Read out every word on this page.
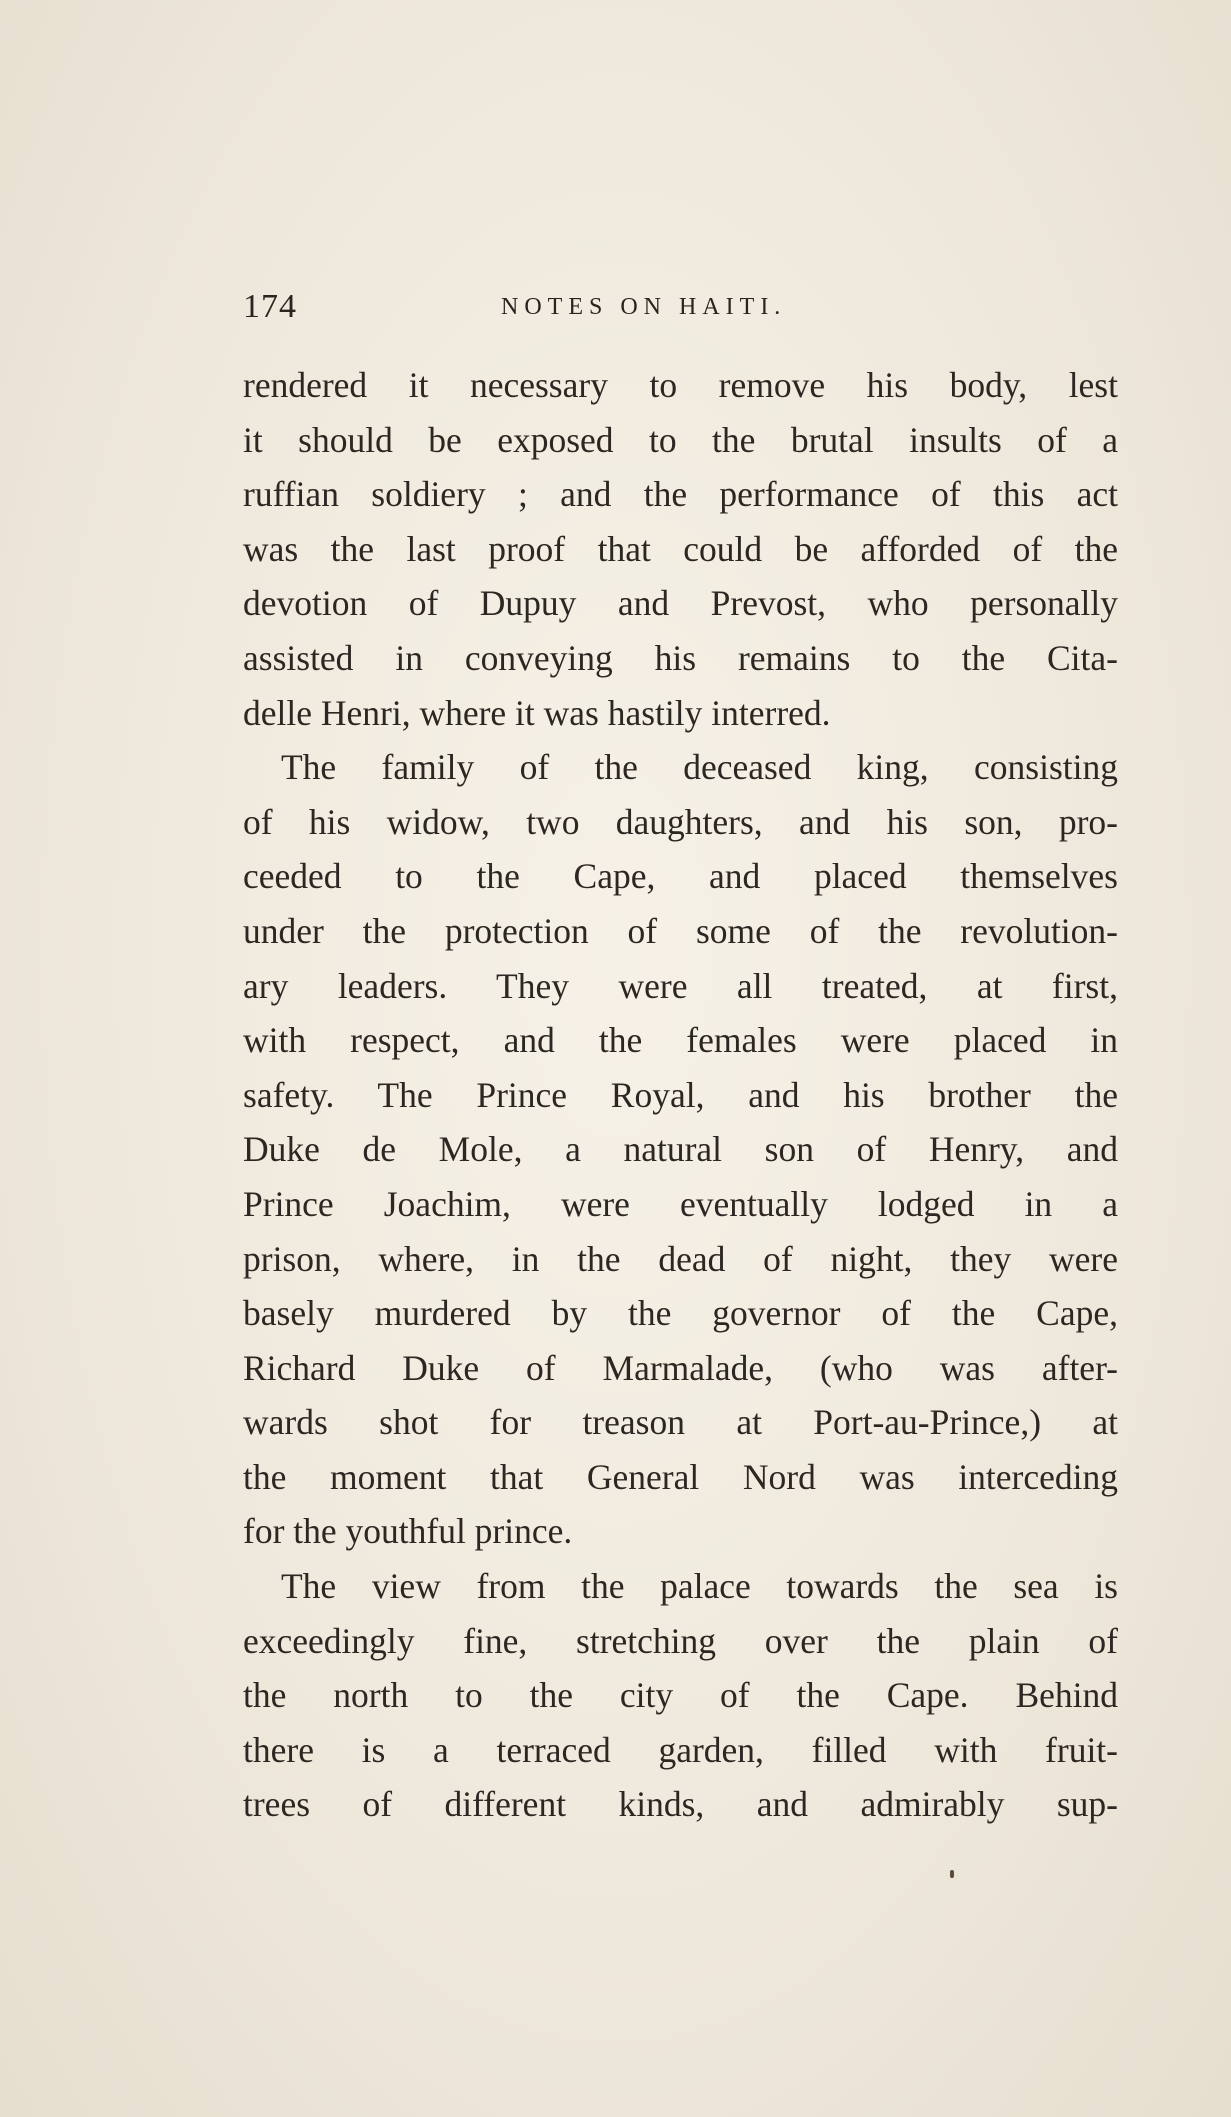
174	NOTES ON HAITI.
rendered it necessary to remove his body, lest
it should be exposed to the brutal insults of a
ruffian soldiery ; and the performance of this act
was the last proof that could be afforded of the
devotion of Dupuy and Prevost, who personally
assisted in conveying his remains to the Cita-
delle Henri, where it was hastily interred.
The family of the deceased king, consisting
of his widow, two daughters, and his son, pro-
ceeded to the Cape, and placed themselves
under the protection of some of the revolution-
ary leaders. They were all treated, at first,
with respect, and the females were placed in
safety. The Prince Royal, and his brother the
Duke de Mole, a natural son of Henry, and
Prince Joachim, were eventually lodged in a
prison, where, in the dead of night, they were
basely murdered by the governor of the Cape,
Richard Duke of Marmalade, (who was after-
wards shot for treason at Port-au-Prince,) at
the moment that General Nord was interceding
for the youthful prince.
The view from the palace towards the sea is
exceedingly fine, stretching over the plain of
the north to the city of the Cape. Behind
there is a terraced garden, filled with fruit-
trees of different kinds, and admirably sup-
